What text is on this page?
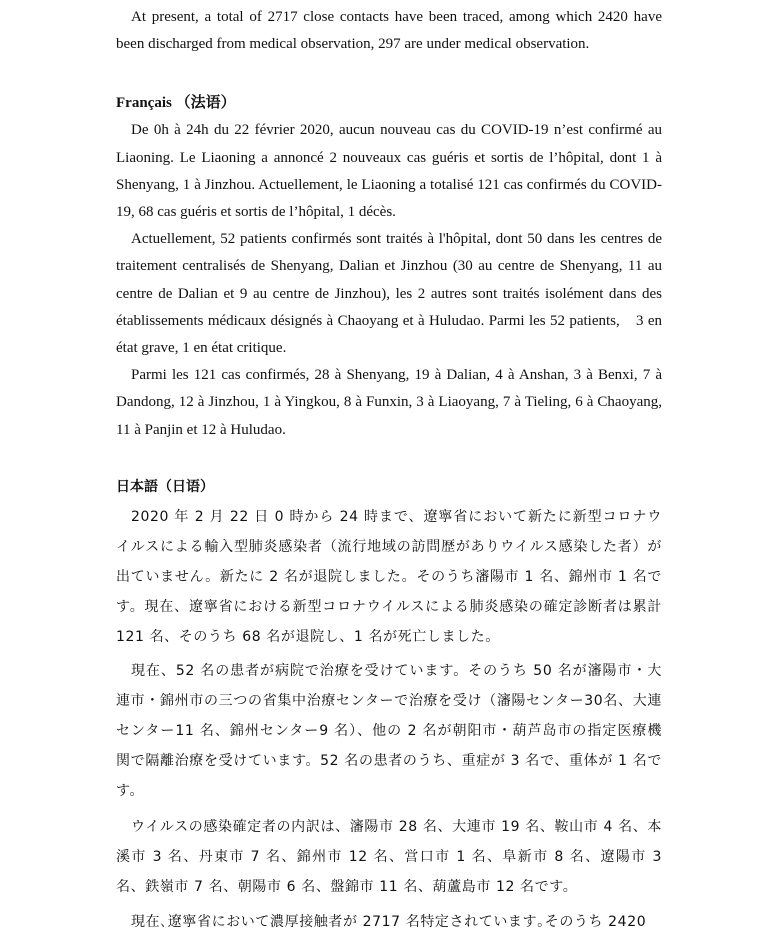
At present, a total of 2717 close contacts have been traced, among which 2420 have been discharged from medical observation, 297 are under medical observation.

Français （法语）

De 0h à 24h du 22 février 2020, aucun nouveau cas du COVID-19 n’est confirmé au Liaoning. Le Liaoning a annoncé 2 nouveaux cas guéris et sortis de l’hôpital, dont 1 à Shenyang, 1 à Jinzhou. Actuellement, le Liaoning a totalisé 121 cas confirmés du COVID-19, 68 cas guéris et sortis de l’hôpital, 1 décès.

Actuellement, 52 patients confirmés sont traités à l'hôpital, dont 50 dans les centres de traitement centralisés de Shenyang, Dalian et Jinzhou (30 au centre de Shenyang, 11 au centre de Dalian et 9 au centre de Jinzhou), les 2 autres sont traités isolément dans des établissements médicaux désignés à Chaoyang et à Huludao. Parmi les 52 patients,　3 en état grave, 1 en état critique.

Parmi les 121 cas confirmés, 28 à Shenyang, 19 à Dalian, 4 à Anshan, 3 à Benxi, 7 à Dandong, 12 à Jinzhou, 1 à Yingkou, 8 à Funxin, 3 à Liaoyang, 7 à Tieling, 6 à Chaoyang, 11 à Panjin et 12 à Huludao.

日本語（日语）

2020 年 2 月 22 日 0 時から 24 時まで、遼寧省において新たに新型コロナウイルスによる輸入型肺炎感染者（流行地域の訪問歴がありウイルス感染した者）が出ていません。新たに 2 名が退院しました。そのうち瀋陽市 1 名、錦州市 1 名です。現在、遼寧省における新型コロナウイルスによる肺炎感染の確定診断者は累計 121 名、そのうち 68 名が退院し、1 名が死亡しました。

現在、52 名の患者が病院で治療を受けています。そのうち 50 名が瀋陽市・大連市・錦州市の三つの省集中治療センターで治療を受け（瀋陽センター30名、大連センター11 名、錦州センター9 名）、他の 2 名が朝阳市・葫芦岛市の指定医療機関で隔離治療を受けています。52 名の患者のうち、重症が 3 名で、重体が 1 名です。

ウイルスの感染確定者の内訳は、瀋陽市 28 名、大連市 19 名、鞍山市 4 名、本溪市 3 名、丹東市 7 名、錦州市 12 名、営口市 1 名、阜新市 8 名、遼陽市 3 名、鉄嶺市 7 名、朝陽市 6 名、盤錦市 11 名、葫蘆島市 12 名です。

現在､遼寧省において濃厚接触者が 2717 名特定されています｡そのうち 2420
